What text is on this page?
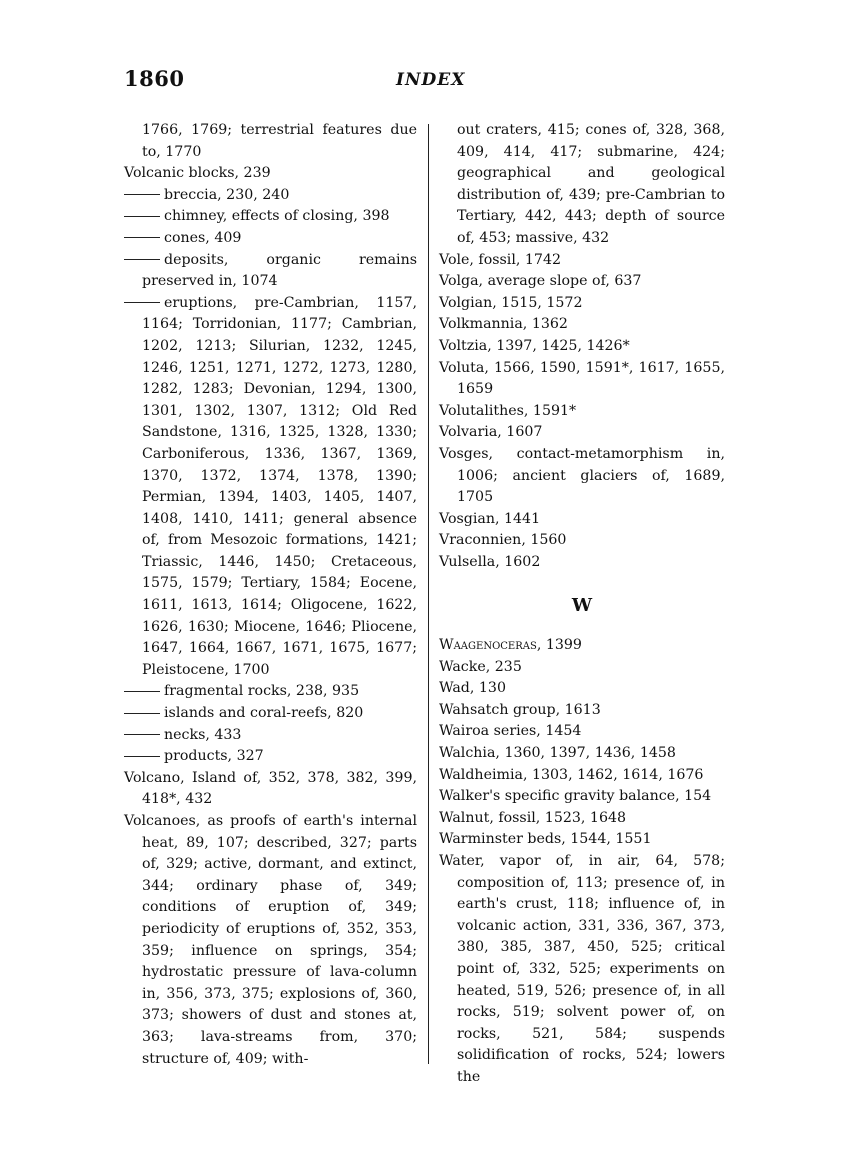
1860	INDEX
1766, 1769; terrestrial features due to, 1770
Volcanic blocks, 239
breccia, 230, 240
chimney, effects of closing, 398
cones, 409
deposits, organic remains preserved in, 1074
eruptions, pre-Cambrian, 1157, 1164; Torridonian, 1177; Cambrian, 1202, 1213; Silurian, 1232, 1245, 1246, 1251, 1271, 1272, 1273, 1280, 1282, 1283; Devonian, 1294, 1300, 1301, 1302, 1307, 1312; Old Red Sandstone, 1316, 1325, 1328, 1330; Carboniferous, 1336, 1367, 1369, 1370, 1372, 1374, 1378, 1390; Permian, 1394, 1403, 1405, 1407, 1408, 1410, 1411; general absence of, from Mesozoic formations, 1421; Triassic, 1446, 1450; Cretaceous, 1575, 1579; Tertiary, 1584; Eocene, 1611, 1613, 1614; Oligocene, 1622, 1626, 1630; Miocene, 1646; Pliocene, 1647, 1664, 1667, 1671, 1675, 1677; Pleistocene, 1700
fragmental rocks, 238, 935
islands and coral-reefs, 820
necks, 433
products, 327
Volcano, Island of, 352, 378, 382, 399, 418*, 432
Volcanoes, as proofs of earth's internal heat, 89, 107; described, 327; parts of, 329; active, dormant, and extinct, 344; ordinary phase of, 349; conditions of eruption of, 349; periodicity of eruptions of, 352, 353, 359; influence on springs, 354; hydrostatic pressure of lava-column in, 356, 373, 375; explosions of, 360, 373; showers of dust and stones at, 363; lava-streams from, 370; structure of, 409; with-
out craters, 415; cones of, 328, 368, 409, 414, 417; submarine, 424; geographical and geological distribution of, 439; pre-Cambrian to Tertiary, 442, 443; depth of source of, 453; massive, 432
Vole, fossil, 1742
Volga, average slope of, 637
Volgian, 1515, 1572
Volkmannia, 1362
Voltzia, 1397, 1425, 1426*
Voluta, 1566, 1590, 1591*, 1617, 1655, 1659
Volutalithes, 1591*
Volvaria, 1607
Vosges, contact-metamorphism in, 1006; ancient glaciers of, 1689, 1705
Vosgian, 1441
Vraconnien, 1560
Vulsella, 1602
W
Waagenoceras, 1399
Wacke, 235
Wad, 130
Wahsatch group, 1613
Wairoa series, 1454
Walchia, 1360, 1397, 1436, 1458
Waldheimia, 1303, 1462, 1614, 1676
Walker's specific gravity balance, 154
Walnut, fossil, 1523, 1648
Warminster beds, 1544, 1551
Water, vapor of, in air, 64, 578; composition of, 113; presence of, in earth's crust, 118; influence of, in volcanic action, 331, 336, 367, 373, 380, 385, 387, 450, 525; critical point of, 332, 525; experiments on heated, 519, 526; presence of, in all rocks, 519; solvent power of, on rocks, 521, 584; suspends solidification of rocks, 524; lowers the
